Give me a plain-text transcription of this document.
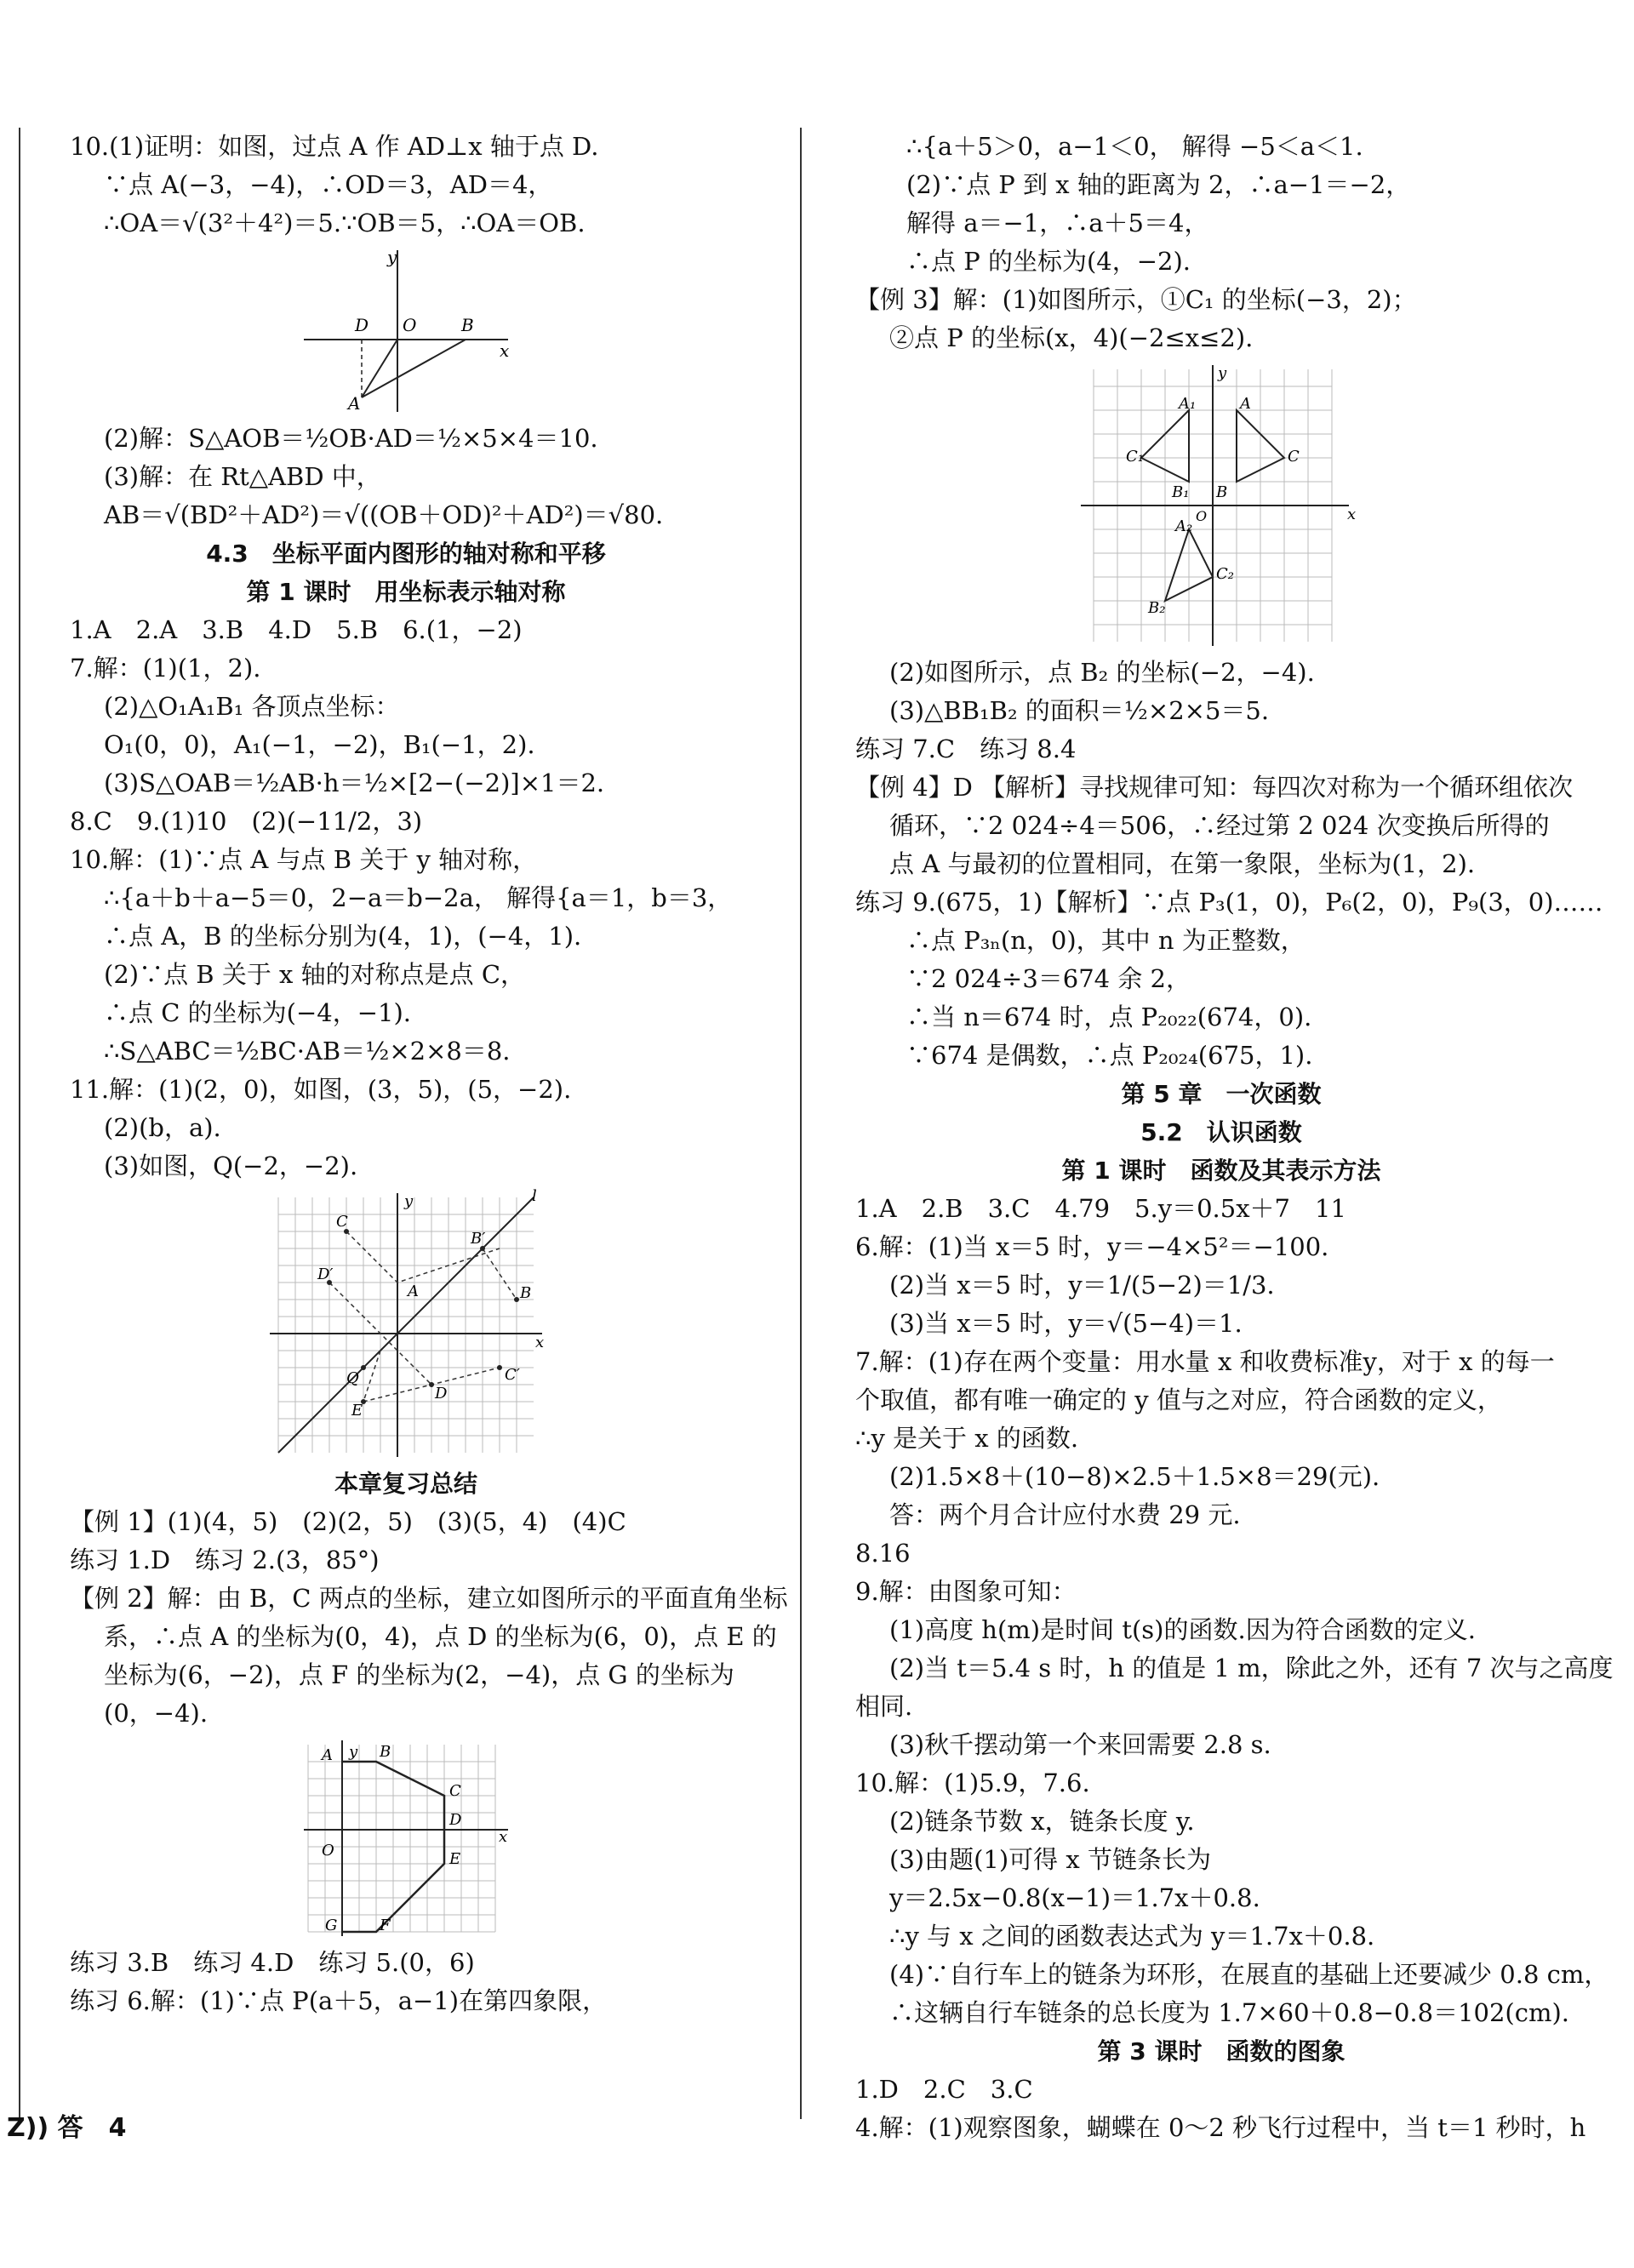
10.(1)证明：如图，过点 A 作 AD⊥x 轴于点 D.
∵点 A(−3，−4)，∴OD＝3，AD＝4，
∴OA＝√(3²＋4²)＝5.∵OB＝5，∴OA＝OB.
y
x
D O	B
A
(2)解：S△AOB＝½OB·AD＝½×5×4＝10.
(3)解：在 Rt△ABD 中，
AB＝√(BD²＋AD²)＝√((OB＋OD)²＋AD²)＝√80.
4.3　坐标平面内图形的轴对称和平移
第 1 课时　用坐标表示轴对称
1.A　2.A　3.B　4.D　5.B　6.(1，−2)
7.解：(1)(1，2).
(2)△O₁A₁B₁ 各顶点坐标：
O₁(0，0)，A₁(−1，−2)，B₁(−1，2).
(3)S△OAB＝½AB·h＝½×[2−(−2)]×1＝2.
8.C　9.(1)10　(2)(−11/2，3)
10.解：(1)∵点 A 与点 B 关于 y 轴对称，
∴{a＋b＋a−5＝0，2−a＝b−2a， 解得{a＝1，b＝3，
∴点 A，B 的坐标分别为(4，1)，(−4，1).
(2)∵点 B 关于 x 轴的对称点是点 C，
∴点 C 的坐标为(−4，−1).
∴S△ABC＝½BC·AB＝½×2×8＝8.
11.解：(1)(2，0)，如图，(3，5)，(5，−2).
(2)(b，a).
(3)如图，Q(−2，−2).
C
B′
B
D′
A
D
C′
E
Q
y
x
l
本章复习总结
【例 1】(1)(4，5)　(2)(2，5)　(3)(5，4)　(4)C
练习 1.D　练习 2.(3，85°)
【例 2】解：由 B，C 两点的坐标，建立如图所示的平面直角坐标
系，∴点 A 的坐标为(0，4)，点 D 的坐标为(6，0)，点 E 的
坐标为(6，−2)，点 F 的坐标为(2，−4)，点 G 的坐标为
(0，−4).
A y B
C
D
x
O	E
G	F
练习 3.B　练习 4.D　练习 5.(0，6)
练习 6.解：(1)∵点 P(a＋5，a−1)在第四象限，
∴{a＋5＞0，a−1＜0， 解得 −5＜a＜1.
(2)∵点 P 到 x 轴的距离为 2，∴a−1＝−2，
解得 a＝−1，∴a＋5＝4，
∴点 P 的坐标为(4，−2).
【例 3】解：(1)如图所示，①C₁ 的坐标(−3，2)；
②点 P 的坐标(x，4)(−2≤x≤2).
A₁	A
C₁	C
B₁ B
A₂
C₂
B₂
y
x
O
(2)如图所示，点 B₂ 的坐标(−2，−4).
(3)△BB₁B₂ 的面积＝½×2×5＝5.
练习 7.C　练习 8.4
【例 4】D 【解析】寻找规律可知：每四次对称为一个循环组依次
循环，∵2 024÷4＝506，∴经过第 2 024 次变换后所得的
点 A 与最初的位置相同，在第一象限，坐标为(1，2).
练习 9.(675，1)【解析】∵点 P₃(1，0)，P₆(2，0)，P₉(3，0)……
∴点 P₃ₙ(n，0)，其中 n 为正整数，
∵2 024÷3＝674 余 2，
∴当 n＝674 时，点 P₂₀₂₂(674，0).
∵674 是偶数，∴点 P₂₀₂₄(675，1).
第 5 章　一次函数
5.2　认识函数
第 1 课时　函数及其表示方法
1.A　2.B　3.C　4.79　5.y＝0.5x＋7　11
6.解：(1)当 x＝5 时，y＝−4×5²＝−100.
(2)当 x＝5 时，y＝1/(5−2)＝1/3.
(3)当 x＝5 时，y＝√(5−4)＝1.
7.解：(1)存在两个变量：用水量 x 和收费标准y，对于 x 的每一
个取值，都有唯一确定的 y 值与之对应，符合函数的定义，
∴y 是关于 x 的函数.
(2)1.5×8＋(10−8)×2.5＋1.5×8＝29(元).
答：两个月合计应付水费 29 元.
8.16
9.解：由图象可知：
(1)高度 h(m)是时间 t(s)的函数.因为符合函数的定义.
(2)当 t＝5.4 s 时，h 的值是 1 m，除此之外，还有 7 次与之高度
相同.
(3)秋千摆动第一个来回需要 2.8 s.
10.解：(1)5.9，7.6.
(2)链条节数 x，链条长度 y.
(3)由题(1)可得 x 节链条长为
y＝2.5x−0.8(x−1)＝1.7x＋0.8.
∴y 与 x 之间的函数表达式为 y＝1.7x＋0.8.
(4)∵自行车上的链条为环形，在展直的基础上还要减少 0.8 cm，
∴这辆自行车链条的总长度为 1.7×60＋0.8−0.8＝102(cm).
第 3 课时　函数的图象
1.D　2.C　3.C
4.解：(1)观察图象，蝴蝶在 0～2 秒飞行过程中，当 t＝1 秒时，h
Z)) 答　4
